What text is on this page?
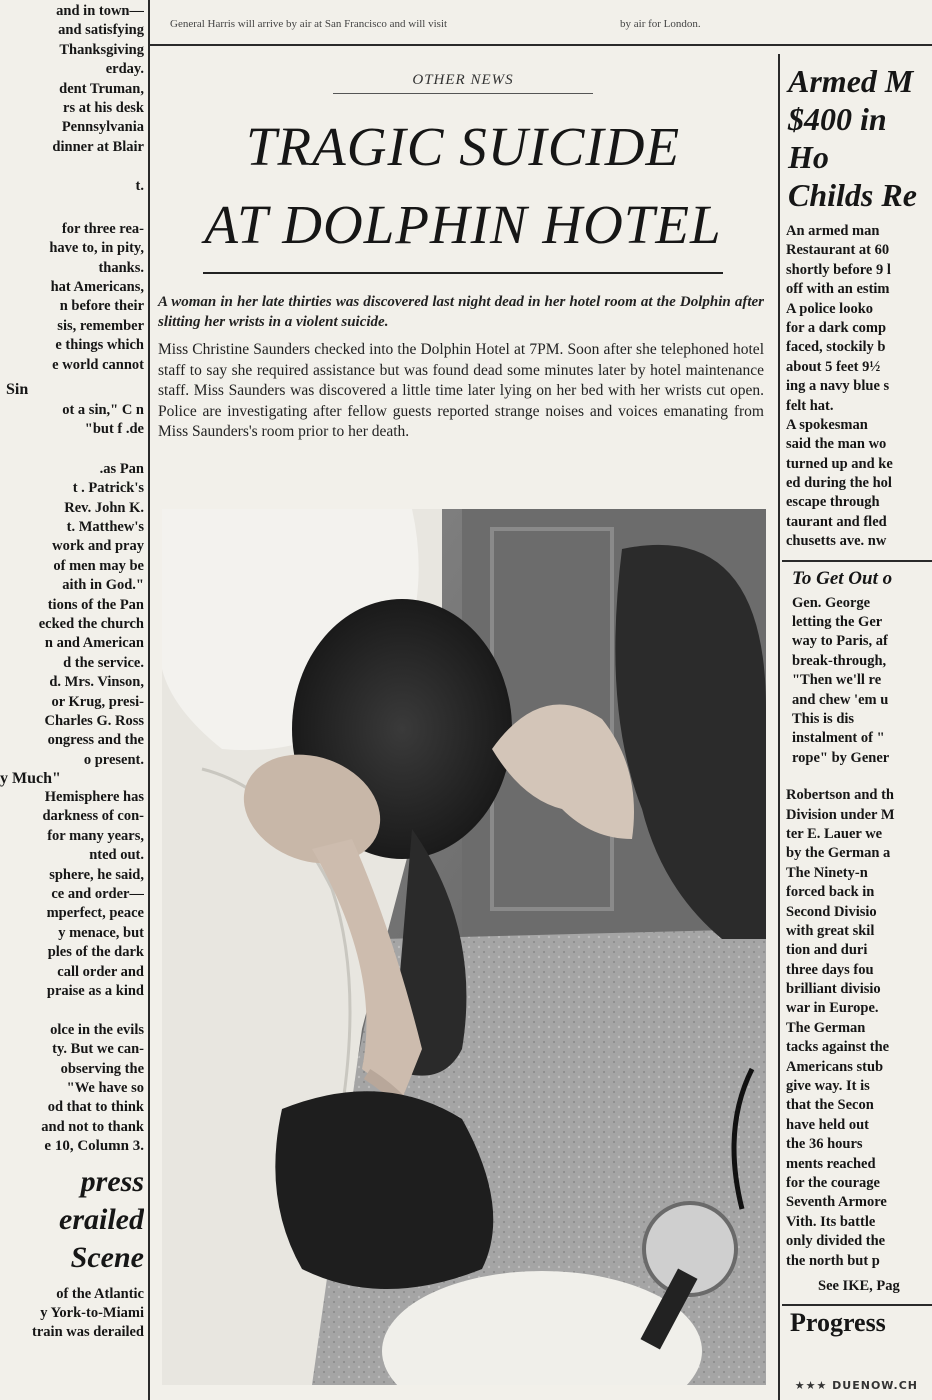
General Harris will arrive by air at San Francisco and will visit	by air for London.
and in town—
and satisfying
Thanksgiving
erday.
dent Truman,
rs at his desk
Pennsylvania
dinner at Blair
t.
for three rea-
have to, in pity,
thanks.
hat Americans,
n before their
sis, remember
e things which
e world cannot
Sin
ot a sin," C n
"but f .de
.as Pan
t . Patrick's
Rev. John K.
t. Matthew's
work and pray
of men may be
aith in God."
tions of the Pan
ecked the church
n and American
d the service.
d. Mrs. Vinson,
or Krug, presi-
Charles G. Ross
ongress and the
o present.
y Much"
Hemisphere has
darkness of con-
for many years,
nted out.
sphere, he said,
ce and order—
mperfect, peace
y menace, but
ples of the dark
call order and
praise as a kind
olce in the evils
ty. But we can-
observing the
"We have so
od that to think
and not to thank
e 10, Column 3.
press
erailed
Scene
of the Atlantic
y York-to-Miami
train was derailed
OTHER NEWS
TRAGIC SUICIDE
AT DOLPHIN HOTEL
A woman in her late thirties was discovered last night dead in her hotel room at the Dolphin after slitting her wrists in a violent suicide.
Miss Christine Saunders checked into the Dolphin Hotel at 7PM. Soon after she telephoned hotel staff to say she required assistance but was found dead some minutes later by hotel maintenance staff. Miss Saunders was discovered a little time later lying on her bed with her wrists cut open. Police are investigating after fellow guests reported strange noises and voices emanating from Miss Saunders's room prior to her death.
Armed M
$400 in Ho
Childs Re
An armed man
Restaurant at 60
shortly before 9 l
off with an estim
A police looko
for a dark comp
faced, stockily b
about 5 feet 9½
ing a navy blue s
felt hat.
A spokesman
said the man wo
turned up and ke
ed during the hol
escape through
taurant and fled
chusetts ave. nw
To Get Out o
Gen. George
letting the Ger
way to Paris, af
break-through,
"Then we'll re
and chew 'em u
This is dis
instalment of "
rope" by Gener
Robertson and th
Division under M
ter E. Lauer we
by the German a
The Ninety-n
forced back in
Second Divisio
with great skil
tion and duri
three days fou
brilliant divisio
war in Europe.
The German
tacks against the
Americans stub
give way. It is
that the Secon
have held out
the 36 hours
ments reached
for the courage
Seventh Armore
Vith. Its battle
only divided the
the north but p
See IKE, Pag
Progress
★★★ DUENOW.CH
